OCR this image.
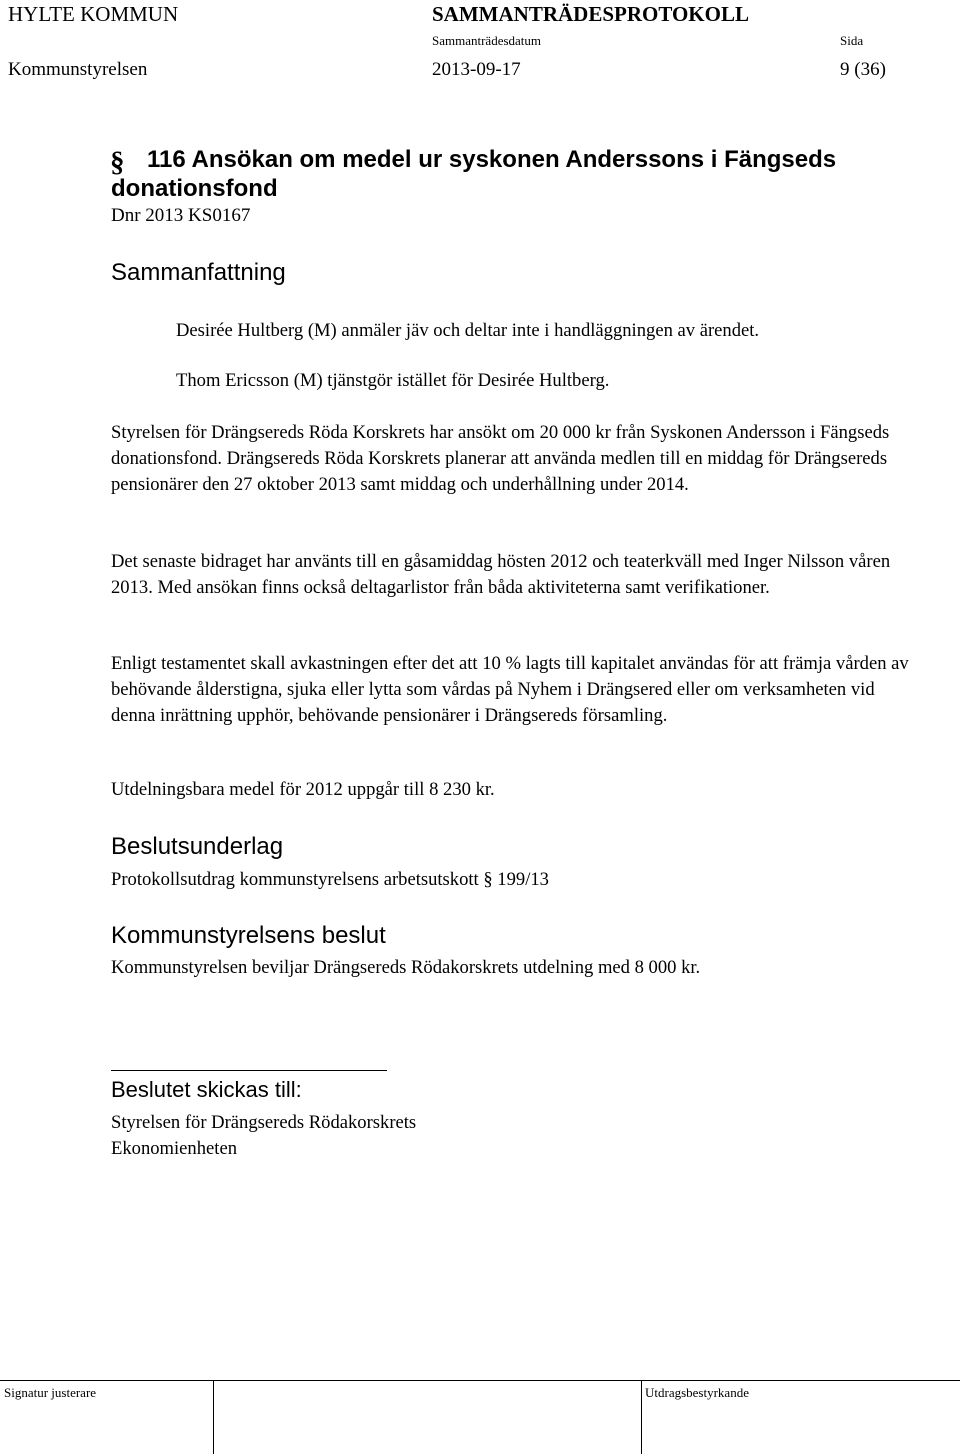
HYLTE KOMMUN	SAMMANTRÄDESPROTOKOLL
Sammanträdesdatum	Sida
Kommunstyrelsen	2013-09-17	9 (36)
§ 116 Ansökan om medel ur syskonen Anderssons i Fängseds
donationsfond
Dnr 2013 KS0167
Sammanfattning

Desirée Hultberg (M) anmäler jäv och deltar inte i handläggningen av ärendet.

Thom Ericsson (M) tjänstgör istället för Desirée Hultberg.

Styrelsen för Drängsereds Röda Korskrets har ansökt om 20 000 kr från Syskonen Andersson i Fängseds donationsfond. Drängsereds Röda Korskrets planerar att använda medlen till en middag för Drängsereds pensionärer den 27 oktober 2013 samt middag och underhållning under 2014.

Det senaste bidraget har använts till en gåsamiddag hösten 2012 och teaterkväll med Inger Nilsson våren 2013. Med ansökan finns också deltagarlistor från båda aktiviteterna samt verifikationer.

Enligt testamentet skall avkastningen efter det att 10 % lagts till kapitalet användas för att främja vården av behövande ålderstigna, sjuka eller lytta som vårdas på Nyhem i Drängsered eller om verksamheten vid denna inrättning upphör, behövande pensionärer i Drängsereds församling.

Utdelningsbara medel för 2012 uppgår till 8 230 kr.

Beslutsunderlag

Protokollsutdrag kommunstyrelsens arbetsutskott § 199/13

Kommunstyrelsens beslut

Kommunstyrelsen beviljar Drängsereds Rödakorskrets utdelning med 8 000 kr.

Beslutet skickas till:

Styrelsen för Drängsereds Rödakorskrets

Ekonomienheten

Signatur justerare	Utdragsbestyrkande
